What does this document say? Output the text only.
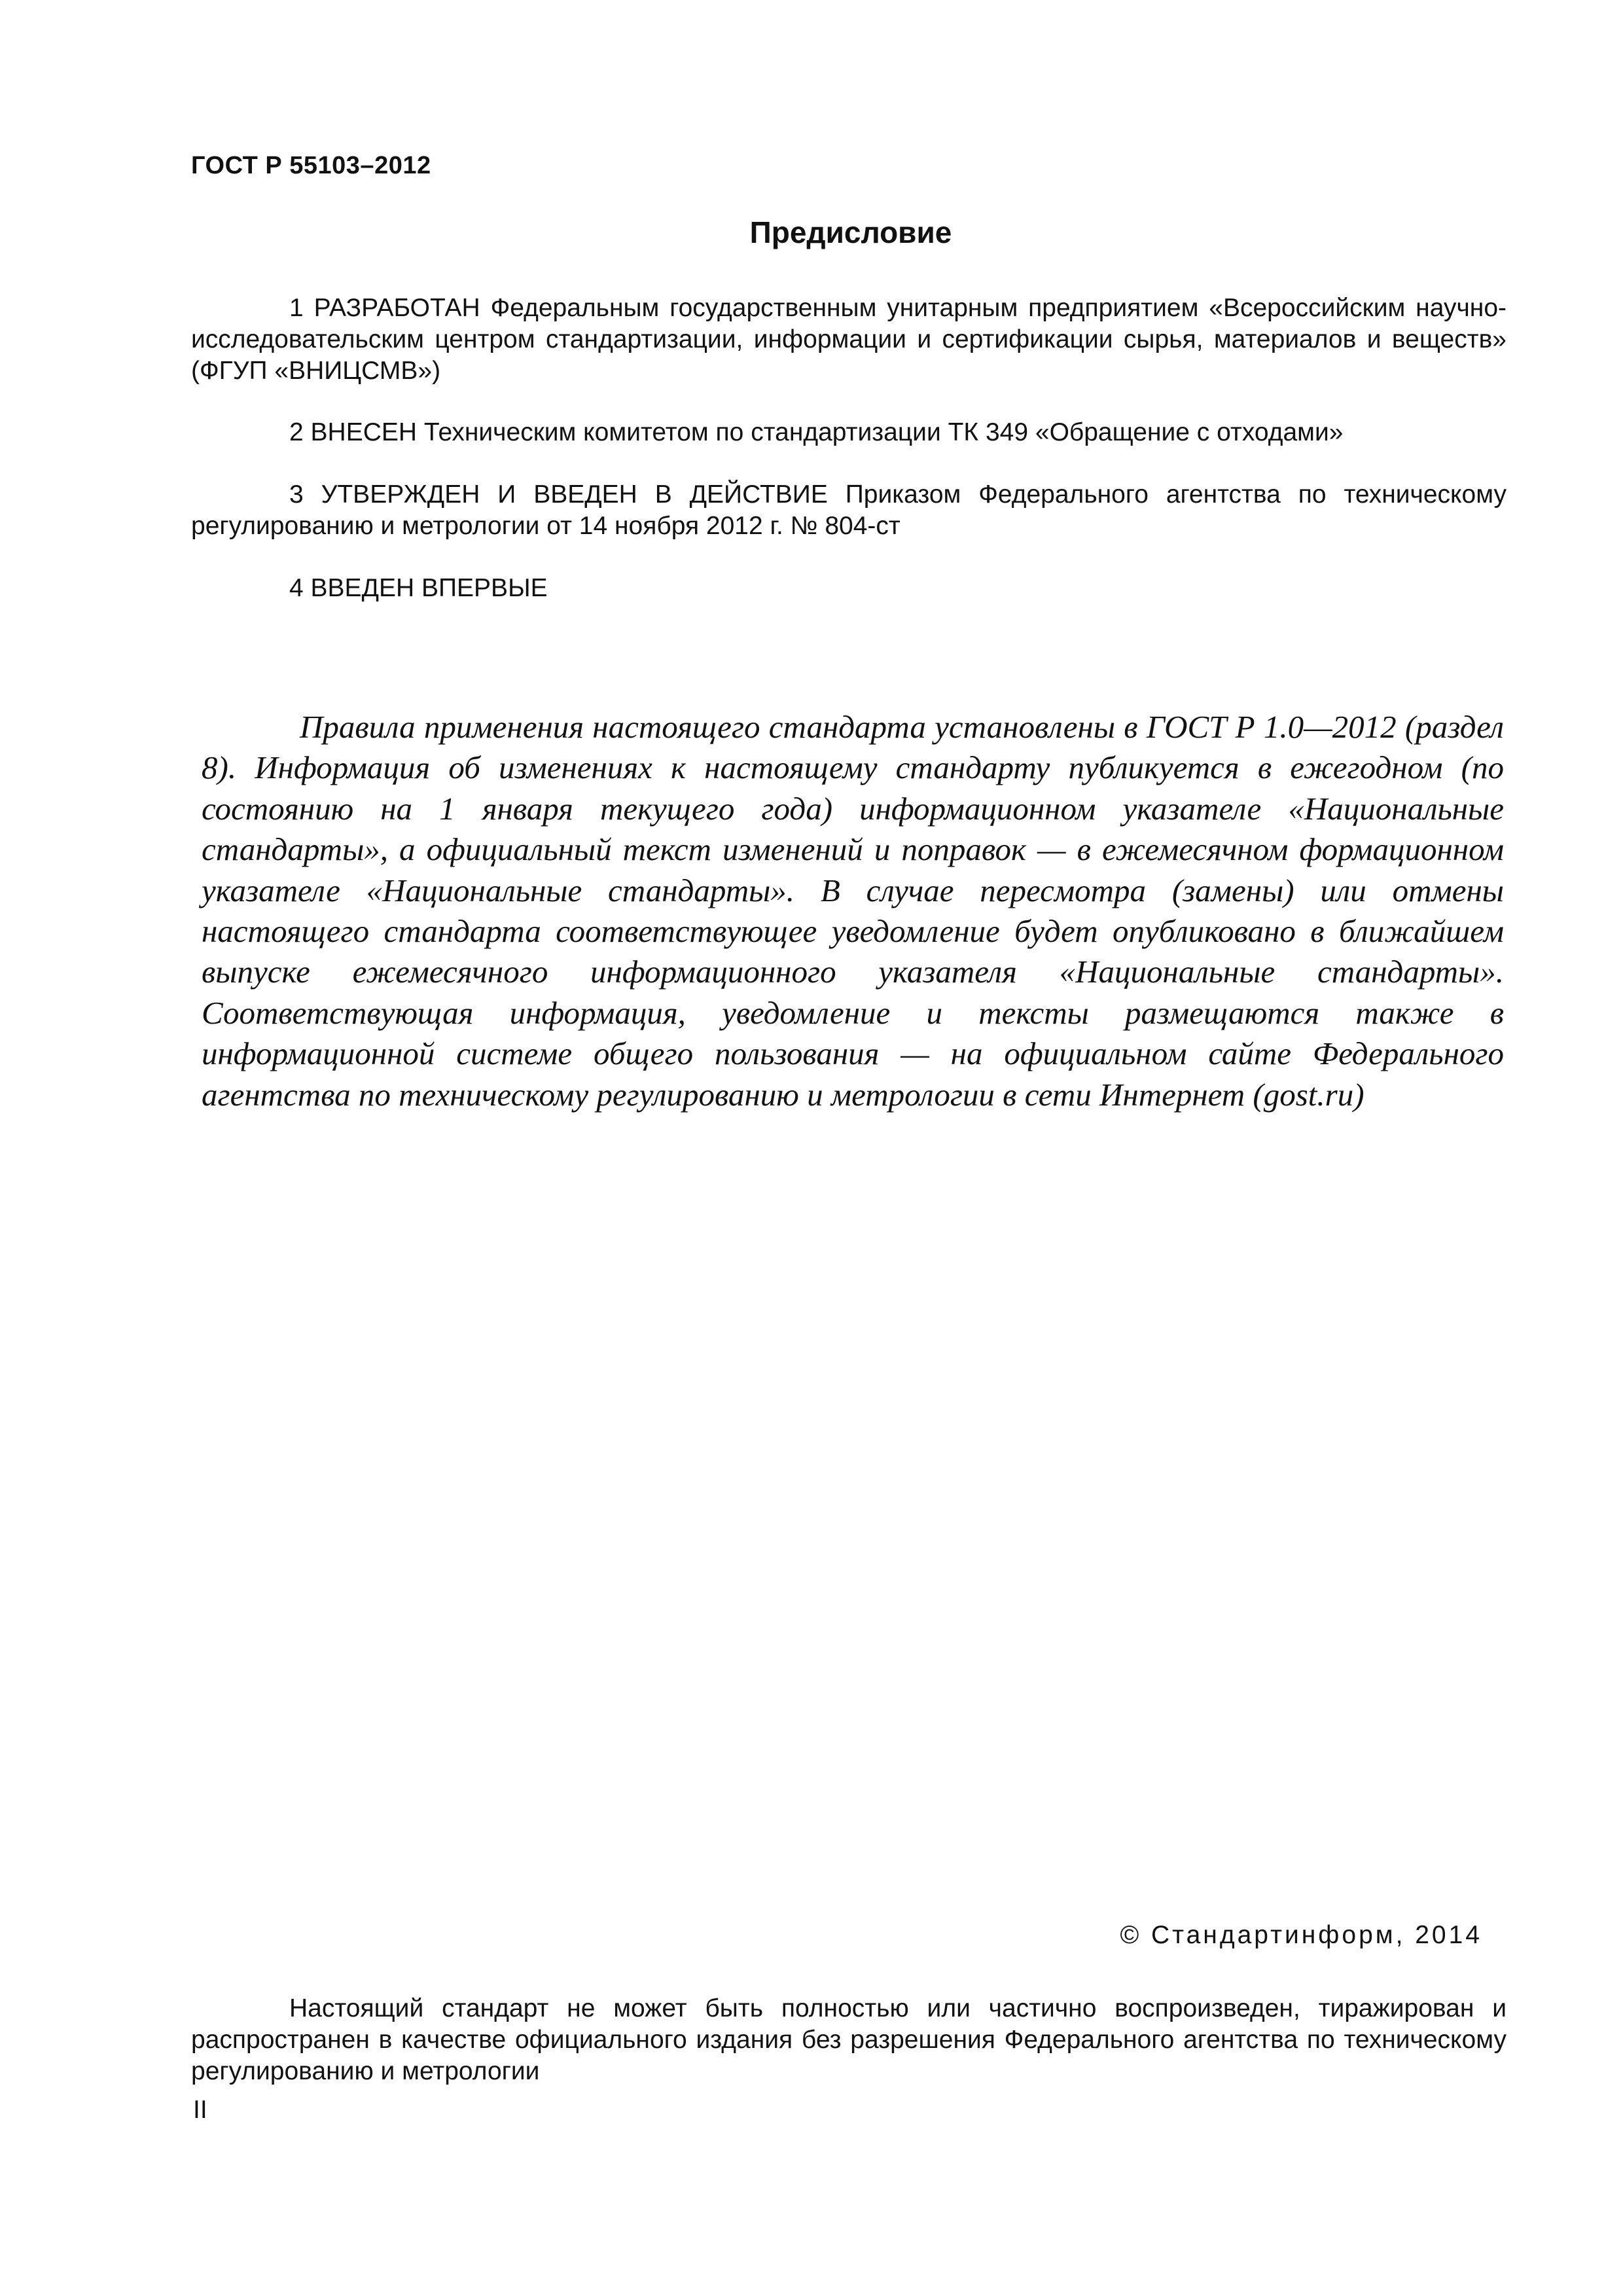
ГОСТ Р 55103–2012
Предисловие
1 РАЗРАБОТАН Федеральным государственным унитарным предприятием «Всероссийским научно-исследовательским центром стандартизации, информации и сертификации сырья, материалов и веществ» (ФГУП «ВНИЦСМВ»)
2 ВНЕСЕН Техническим комитетом по стандартизации ТК 349 «Обращение с отходами»
3 УТВЕРЖДЕН И ВВЕДЕН В ДЕЙСТВИЕ Приказом Федерального агентства по техническому регулированию и метрологии от 14 ноября 2012 г. № 804-ст
4 ВВЕДЕН ВПЕРВЫЕ
Правила применения настоящего стандарта установлены в ГОСТ Р 1.0—2012 (раздел 8). Информация об изменениях к настоящему стандарту публикуется в ежегодном (по состоянию на 1 января текущего года) информационном указателе «Национальные стандарты», а официальный текст изменений и поправок — в ежемесячном формационном указателе «Национальные стандарты». В случае пересмотра (замены) или отмены настоящего стандарта соответствующее уведомление будет опубликовано в ближайшем выпуске ежемесячного информационного указателя «Национальные стандарты». Соответствующая информация, уведомление и тексты размещаются также в информационной системе общего пользования — на официальном сайте Федерального агентства по техническому регулированию и метрологии в сети Интернет (gost.ru)
© Стандартинформ, 2014
Настоящий стандарт не может быть полностью или частично воспроизведен, тиражирован и распространен в качестве официального издания без разрешения Федерального агентства по техническому регулированию и метрологии
II
